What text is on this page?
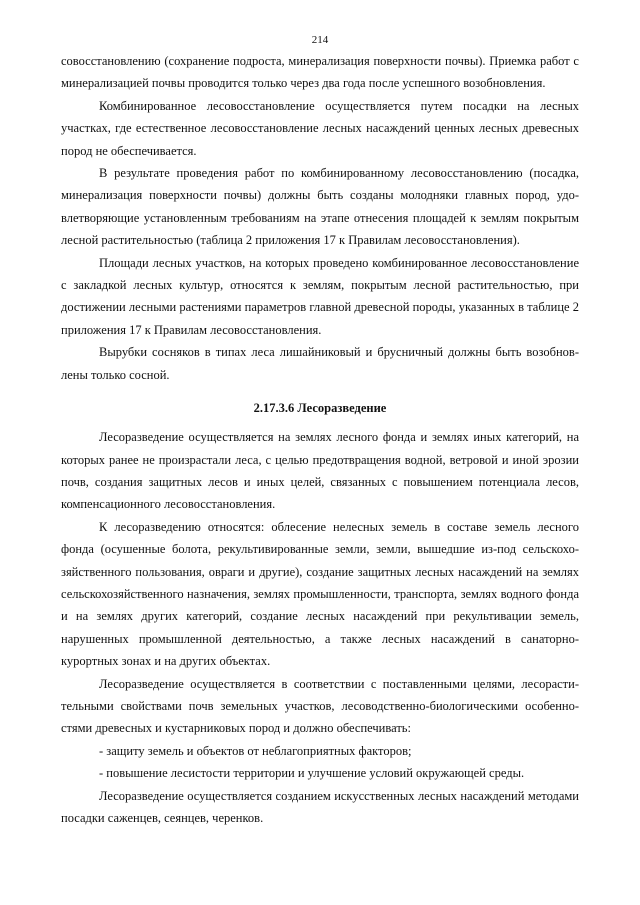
214

совосстановлению (сохранение подроста, минерализация поверхности почвы). Приемка работ с минерализацией почвы проводится только через два года после успешного возобновления.

Комбинированное лесовосстановление осуществляется путем посадки на лесных участках, где естественное лесовосстановление лесных насаждений ценных лесных древесных пород не обеспечивается.

В результате проведения работ по комбинированному лесовосстановлению (посадка, минерализация поверхности почвы) должны быть созданы молодняки главных пород, удовлетворяющие установленным требованиям на этапе отнесения площадей к землям покрытым лесной растительностью (таблица 2 приложения 17 к Правилам лесовосстановления).

Площади лесных участков, на которых проведено комбинированное лесовосстановление с закладкой лесных культур, относятся к землям, покрытым лесной растительностью, при достижении лесными растениями параметров главной древесной породы, указанных в таблице 2 приложения 17 к Правилам лесовосстановления.

Вырубки сосняков в типах леса лишайниковый и брусничный должны быть возобновлены только сосной.

2.17.3.6 Лесоразведение

Лесоразведение осуществляется на землях лесного фонда и землях иных категорий, на которых ранее не произрастали леса, с целью предотвращения водной, ветровой и иной эрозии почв, создания защитных лесов и иных целей, связанных с повышением потенциала лесов, компенсационного лесовосстановления.

К лесоразведению относятся: облесение нелесных земель в составе земель лесного фонда (осушенные болота, рекультивированные земли, земли, вышедшие из-под сельскохозяйственного пользования, овраги и другие), создание защитных лесных насаждений на землях сельскохозяйственного назначения, землях промышленности, транспорта, землях водного фонда и на землях других категорий, создание лесных насаждений при рекультивации земель, нарушенных промышленной деятельностью, а также лесных насаждений в санаторно-курортных зонах и на других объектах.

Лесоразведение осуществляется в соответствии с поставленными целями, лесорастительными свойствами почв земельных участков, лесоводственно-биологическими особенностями древесных и кустарниковых пород и должно обеспечивать:

- защиту земель и объектов от неблагоприятных факторов;

- повышение лесистости территории и улучшение условий окружающей среды.

Лесоразведение осуществляется созданием искусственных лесных насаждений методами посадки саженцев, сеянцев, черенков.
